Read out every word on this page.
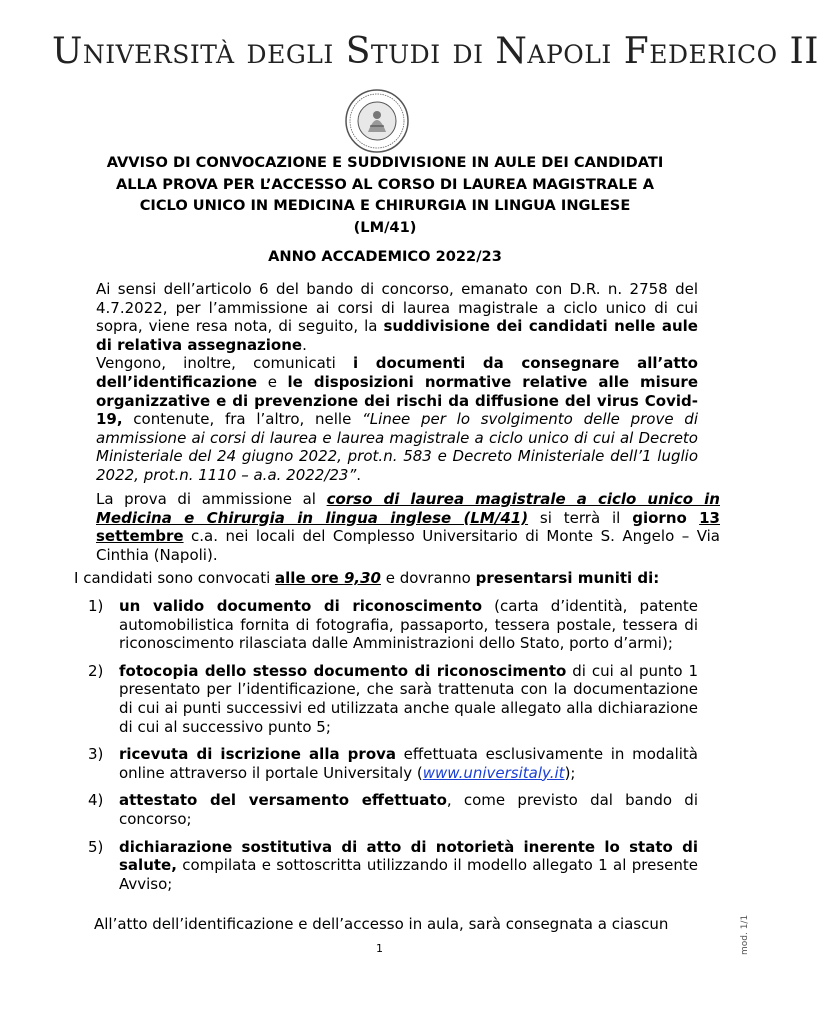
Università degli Studi di Napoli Federico II
AVVISO DI CONVOCAZIONE E SUDDIVISIONE IN AULE DEI CANDIDATI
ALLA PROVA PER L’ACCESSO AL CORSO DI LAUREA MAGISTRALE A
CICLO UNICO IN MEDICINA E CHIRURGIA IN LINGUA INGLESE
(LM/41)
ANNO ACCADEMICO 2022/23
Ai sensi dell’articolo 6 del bando di concorso, emanato con D.R. n. 2758 del 4.7.2022, per l’ammissione ai corsi di laurea magistrale a ciclo unico di cui sopra, viene resa nota, di seguito, la suddivisione dei candidati nelle aule di relativa assegnazione.
Vengono, inoltre, comunicati i documenti da consegnare all’atto dell’identificazione e le disposizioni normative relative alle misure organizzative e di prevenzione dei rischi da diffusione del virus Covid-19, contenute, fra l’altro, nelle “Linee per lo svolgimento delle prove di ammissione ai corsi di laurea e laurea magistrale a ciclo unico di cui al Decreto Ministeriale del 24 giugno 2022, prot.n. 583 e Decreto Ministeriale dell’1 luglio 2022, prot.n. 1110 – a.a. 2022/23”.
La prova di ammissione al corso di laurea magistrale a ciclo unico in Medicina e Chirurgia in lingua inglese (LM/41) si terrà il giorno 13 settembre c.a. nei locali del Complesso Universitario di Monte S. Angelo – Via Cinthia (Napoli).
I candidati sono convocati alle ore 9,30 e dovranno presentarsi muniti di:
1) un valido documento di riconoscimento (carta d’identità, patente automobilistica fornita di fotografia, passaporto, tessera postale, tessera di riconoscimento rilasciata dalle Amministrazioni dello Stato, porto d’armi);
2) fotocopia dello stesso documento di riconoscimento di cui al punto 1 presentato per l’identificazione, che sarà trattenuta con la documentazione di cui ai punti successivi ed utilizzata anche quale allegato alla dichiarazione di cui al successivo punto 5;
3) ricevuta di iscrizione alla prova effettuata esclusivamente in modalità online attraverso il portale Universitaly (www.universitaly.it);
4) attestato del versamento effettuato, come previsto dal bando di concorso;
5) dichiarazione sostitutiva di atto di notorietà inerente lo stato di salute, compilata e sottoscritta utilizzando il modello allegato 1 al presente Avviso;
All’atto dell’identificazione e dell’accesso in aula, sarà consegnata a ciascun
1	mod. 1/1
